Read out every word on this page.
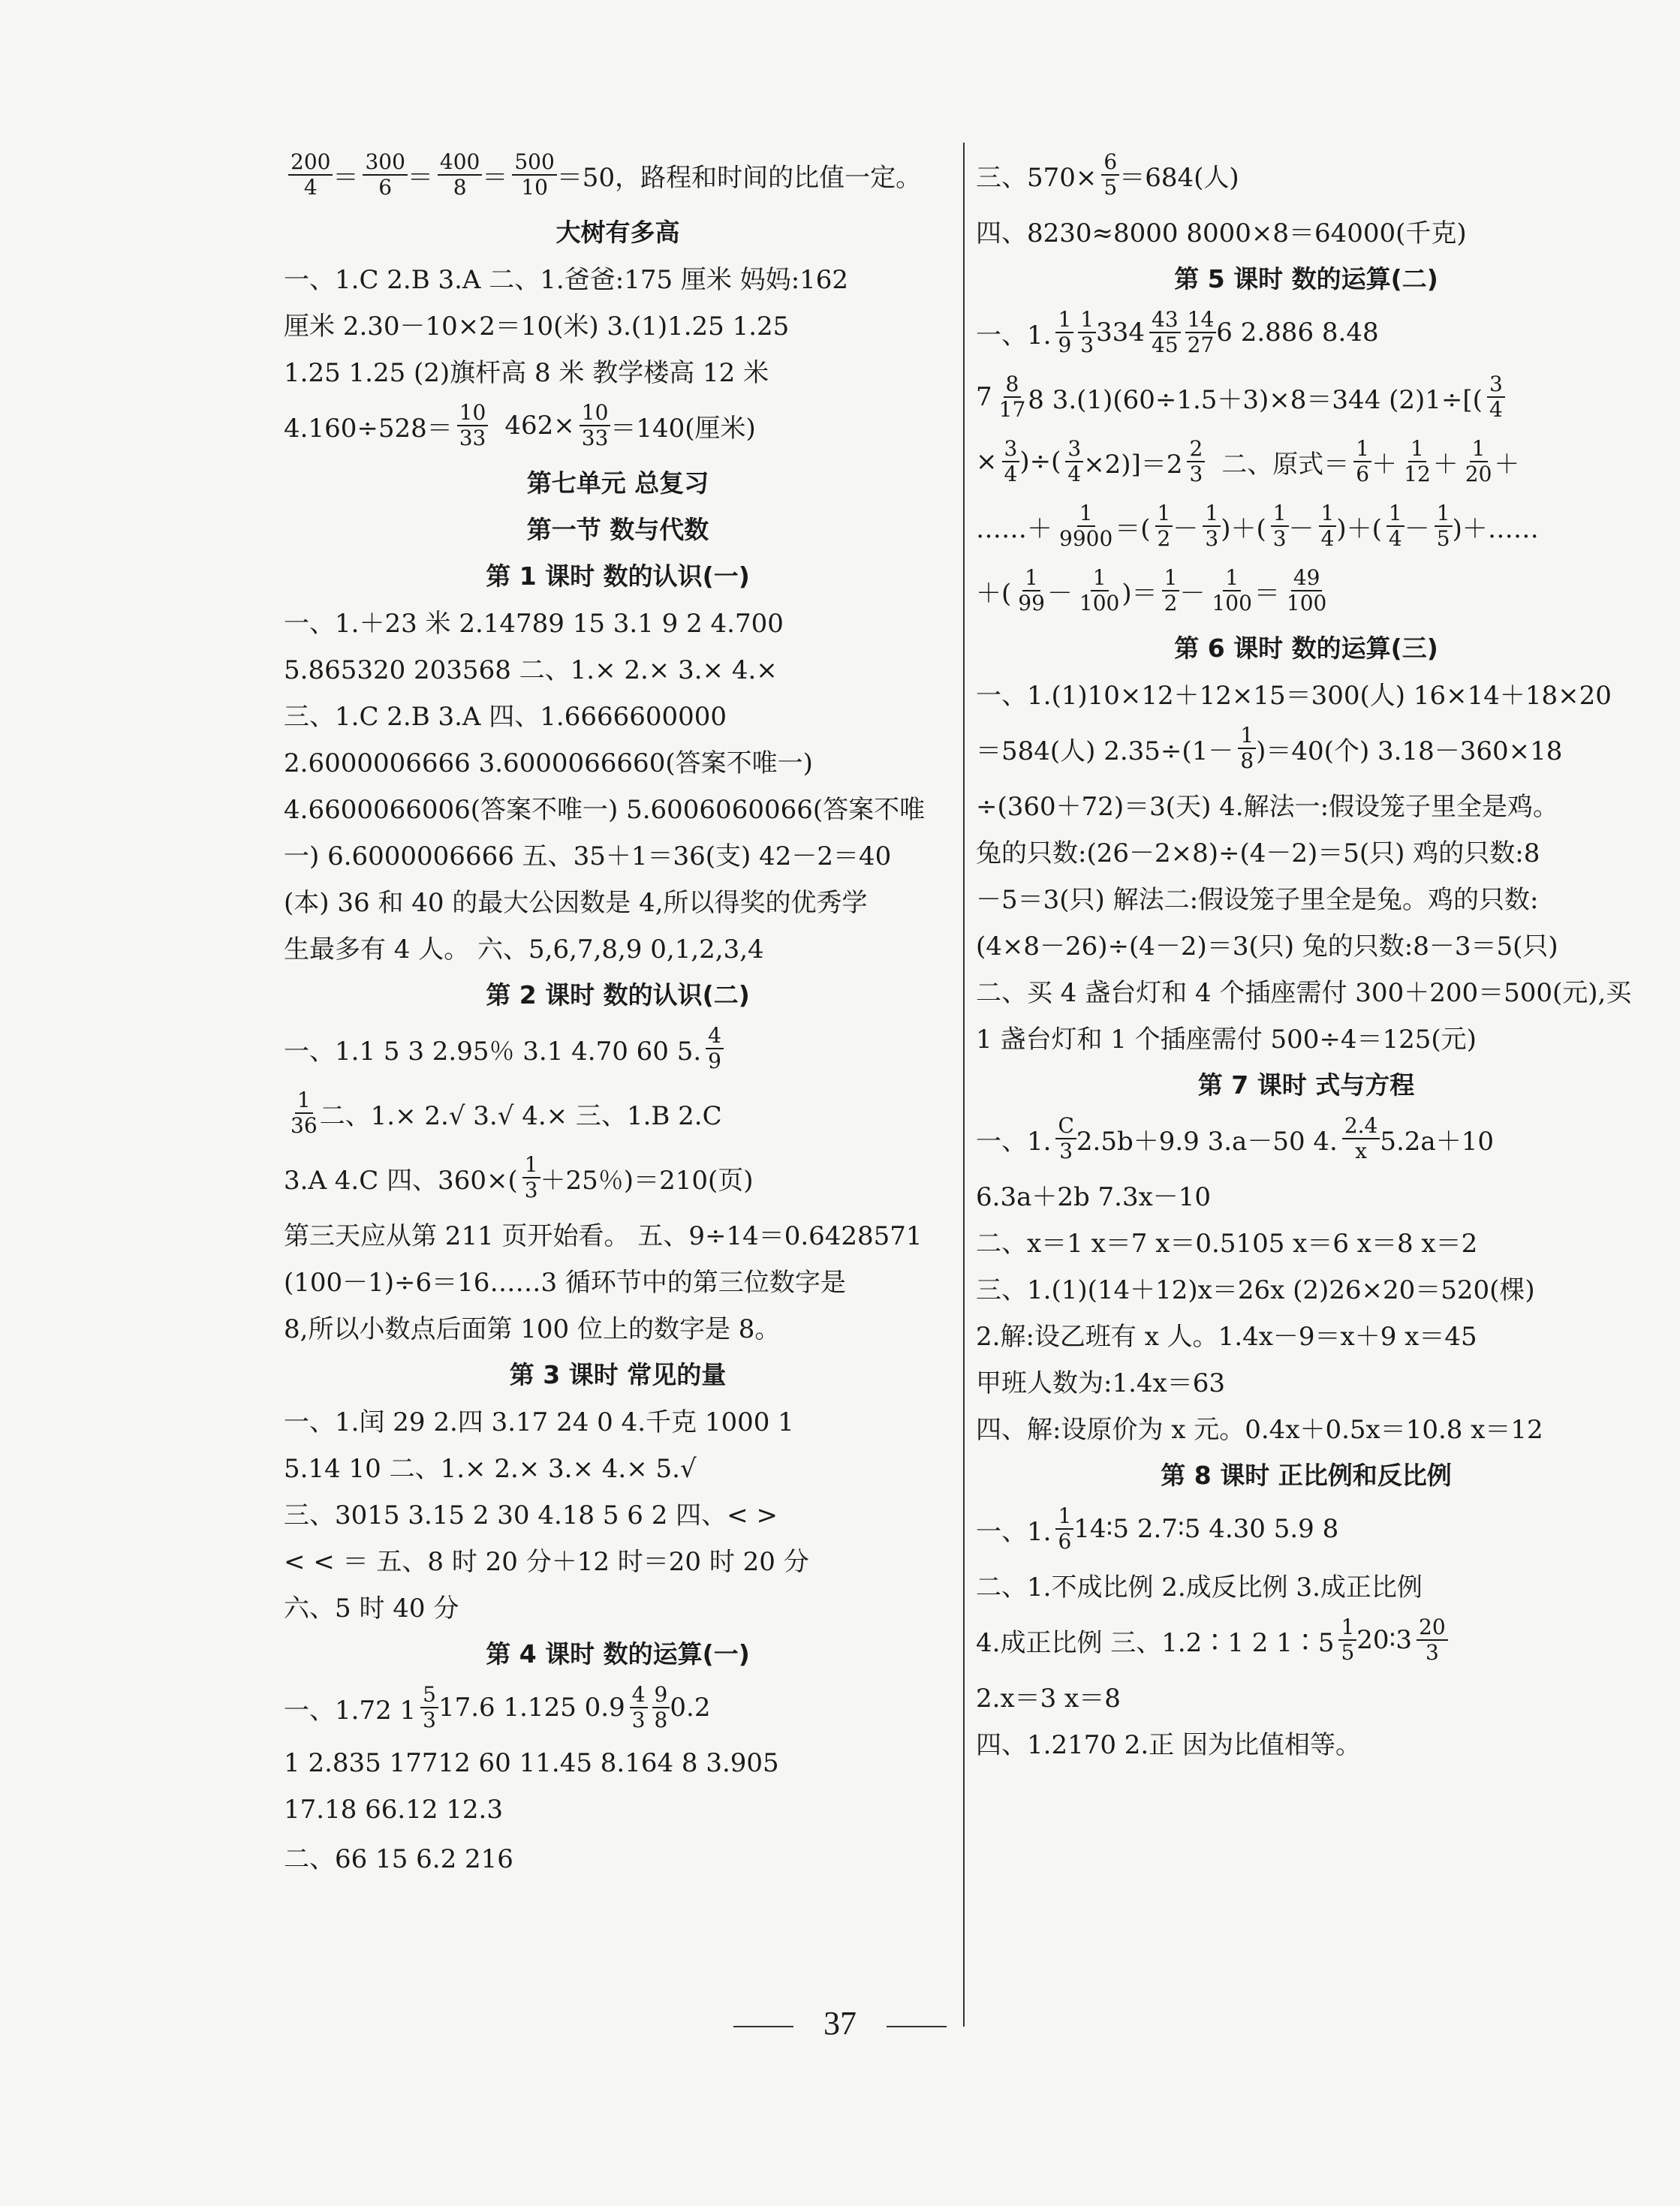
200
4 ＝
300
6 ＝
400
8 ＝
500
10 ＝50 ，路程和时间的比值一定。
大树有多高
一、1.C 2.B 3.A 二、1.爸爸:175 厘米 妈妈:162
厘米 2.30－10×2＝10(米) 3.(1)1.25 1.25
1.25 1.25 (2)旗杆高 8 米 教学楼高 12 米
4.160÷528＝
10
33 $462\times \frac{10}{33} =140$(厘米)
第七单元 总复习
第一节 数与代数
第 1 课时 数的认识(一)
一、1.＋23 米 2.14789 15 3.1 9 2 4.700
5.865320 203568 二、1.× 2.× 3.× 4.×
三、1.C 2.B 3.A 四、1.6666600000
2.6000006666 3.6000066660(答案不唯一)
4.6600066006(答案不唯一) 5.6006060066(答案不唯
一) 6.6000006666 五、35＋1＝36(支) 42－2＝40
(本) 36 和 40 的最大公因数是 4,所以得奖的优秀学
生最多有 4 人。 六、5,6,7,8,9 0,1,2,3,4
第 2 课时 数的认识(二)
一、1.1 5 3 2.95％ 3.1 4.70 60 5.
4
9
1
36 二、1.× 2.√ 3.√ 4.× 三、1.B 2.C
3.A 4.C 四、360×(
1
3 ＋25％)＝210(页)
第三天应从第 211 页开始看。 五、9÷14＝0.6428571
(100－1)÷6＝16……3 循环节中的第三位数字是
8,所以小数点后面第 100 位上的数字是 8。
第 3 课时 常见的量
一、1.闰 29 2.四 3.17 24 0 4.千克 1000 1
5.14 10 二、1.× 2.× 3.× 4.× 5.√
三、3015 3.15 2 30 4.18 5 6 2 四、< >
< < ＝ 五、8 时 20 分＋12 时＝20 时 20 分
六、5 时 40 分
第 4 课时 数的运算(一)
一、1.72 1
5
3 17.6 1.125 0.9 4
3
9
8 0.2
1 2.835 17712 60 11.45 8.164 8 3.905
17.18 66.12 12.3
二、66 15 6.2 216
三、$570\times \frac{6}{5} =684$(人)
四、8230≈8000 8000×8＝64000(千克)
第 5 课时 数的运算(二)
一、1.
1
9
1
3 334 43
45
14
27 6 2.886 8.48
7 8
17 8 3.(1)(60÷1.5＋3)×8＝344 (2)1÷[(
3
4
× $\frac{3}{4}$ )÷( $\frac{3}{4} \times 2)]=2$
2
3 二、原式＝
1
6 ＋
1
12 ＋
1
20 ＋
……＋
1
9900 ＝(
1
2 －
1
3 )＋(
1
3 －
1
4 )＋(
1
4 －
1
5 )＋……
＋(
1
99 －
1
100 )＝
1
2 －
1
100 ＝
49
100
第 6 课时 数的运算(三)
一、1.(1)10×12＋12×15＝300(人) 16×14＋18×20
＝584(人) 2.35÷(1－
1
8 )＝40(个) 3.18－360×18
÷(360＋72)＝3(天) 4.解法一:假设笼子里全是鸡。
兔的只数:(26－2×8)÷(4－2)＝5(只) 鸡的只数:8
－5＝3(只) 解法二:假设笼子里全是兔。鸡的只数:
(4×8－26)÷(4－2)＝3(只) 兔的只数:8－3＝5(只)
二、买 4 盏台灯和 4 个插座需付 300＋200＝500(元),买
1 盏台灯和 1 个插座需付 500÷4＝125(元)
第 7 课时 式与方程
一、1.
C
3 2.5b＋9.9 3.a－50 4.
2.4
x 5.2a＋10
6.3a＋2b 7.3x－10
二、x＝1 x＝7 x＝0.5105 x＝6 x＝8 x＝2
三、1.(1)(14＋12)x＝26x (2)26×20＝520(棵)
2.解:设乙班有 x 人。1.4x－9＝x＋9 x＝45
甲班人数为:1.4x＝63
四、解:设原价为 x 元。0.4x＋0.5x＝10.8 x＝12
第 8 课时 正比例和反比例
一、1.
1
6 14∶5 2.7∶5 4.30 5.9 8
二、1.不成比例 2.成反比例 3.成正比例
4.成正比例 三、1.2∶1 2 1∶5
1
5 20∶3 20
3
2.x＝3 x＝8
四、1.2170 2.正 因为比值相等。
37
